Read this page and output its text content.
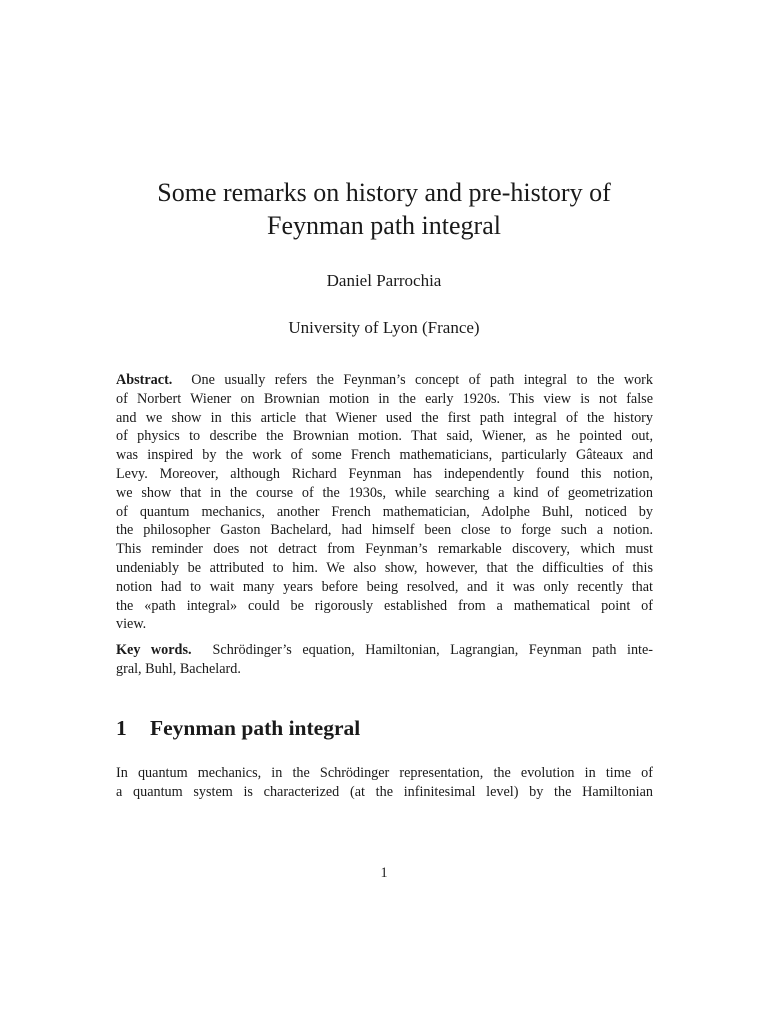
Some remarks on history and pre-history of
Feynman path integral
Daniel Parrochia
University of Lyon (France)
Abstract. One usually refers the Feynman’s concept of path integral to the work
of Norbert Wiener on Brownian motion in the early 1920s. This view is not false
and we show in this article that Wiener used the first path integral of the history
of physics to describe the Brownian motion. That said, Wiener, as he pointed out,
was inspired by the work of some French mathematicians, particularly Gâteaux and
Levy. Moreover, although Richard Feynman has independently found this notion,
we show that in the course of the 1930s, while searching a kind of geometrization
of quantum mechanics, another French mathematician, Adolphe Buhl, noticed by
the philosopher Gaston Bachelard, had himself been close to forge such a notion.
This reminder does not detract from Feynman’s remarkable discovery, which must
undeniably be attributed to him. We also show, however, that the difficulties of this
notion had to wait many years before being resolved, and it was only recently that
the «path integral» could be rigorously established from a mathematical point of
view.
Key words. Schrödinger’s equation, Hamiltonian, Lagrangian, Feynman path inte-
gral, Buhl, Bachelard.
1 Feynman path integral
In quantum mechanics, in the Schrödinger representation, the evolution in time of
a quantum system is characterized (at the infinitesimal level) by the Hamiltonian
1
